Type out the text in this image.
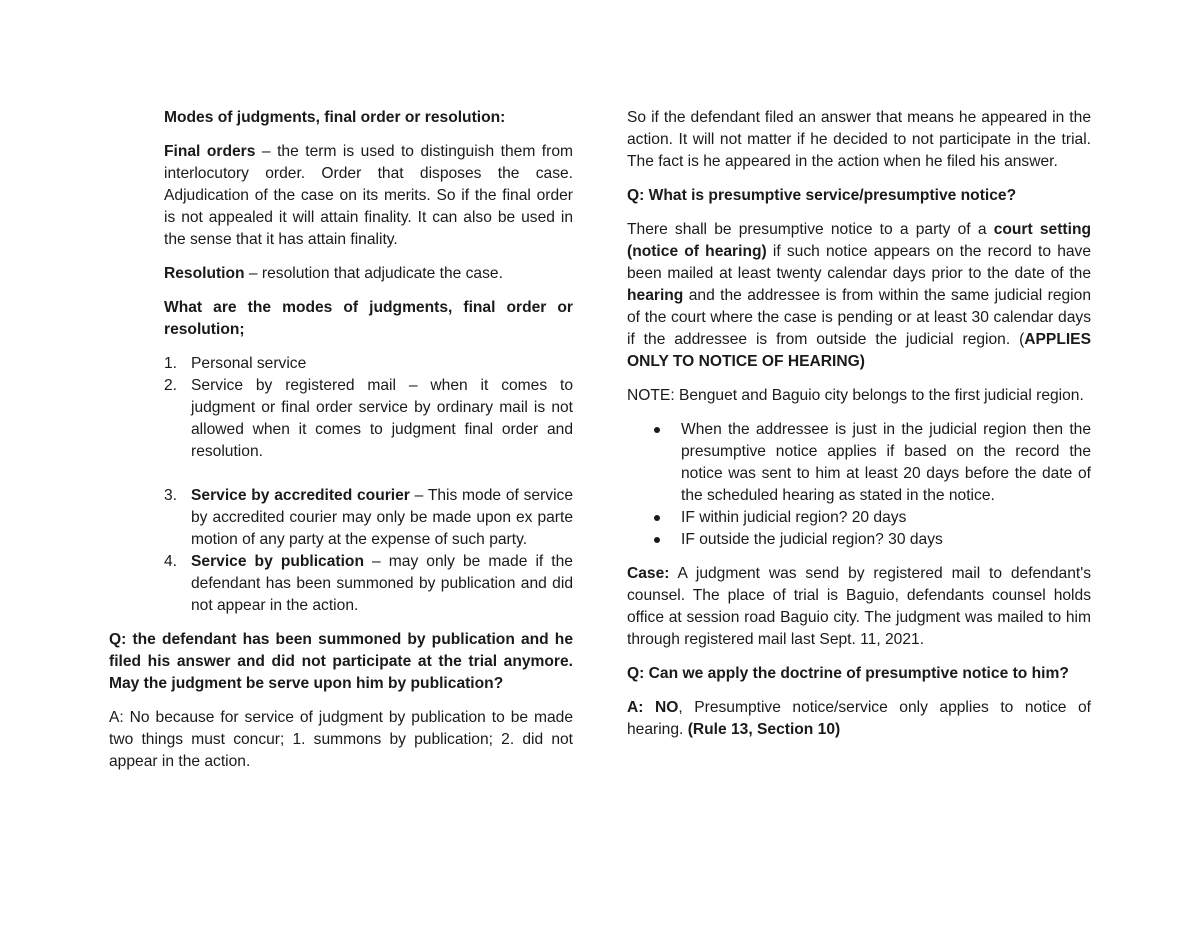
Modes of judgments, final order or resolution:

Final orders – the term is used to distinguish them from interlocutory order. Order that disposes the case. Adjudication of the case on its merits. So if the final order is not appealed it will attain finality. It can also be used in the sense that it has attain finality.

Resolution – resolution that adjudicate the case.

What are the modes of judgments, final order or resolution;

1. Personal service
2. Service by registered mail – when it comes to judgment or final order service by ordinary mail is not allowed when it comes to judgment final order and resolution.
3. Service by accredited courier – This mode of service by accredited courier may only be made upon ex parte motion of any party at the expense of such party.
4. Service by publication – may only be made if the defendant has been summoned by publication and did not appear in the action.

Q: the defendant has been summoned by publication and he filed his answer and did not participate at the trial anymore. May the judgment be serve upon him by publication?

A: No because for service of judgment by publication to be made two things must concur; 1. summons by publication; 2. did not appear in the action.

So if the defendant filed an answer that means he appeared in the action. It will not matter if he decided to not participate in the trial. The fact is he appeared in the action when he filed his answer.

Q: What is presumptive service/presumptive notice?

There shall be presumptive notice to a party of a court setting (notice of hearing) if such notice appears on the record to have been mailed at least twenty calendar days prior to the date of the hearing and the addressee is from within the same judicial region of the court where the case is pending or at least 30 calendar days if the addressee is from outside the judicial region. (APPLIES ONLY TO NOTICE OF HEARING)

NOTE: Benguet and Baguio city belongs to the first judicial region.

When the addressee is just in the judicial region then the presumptive notice applies if based on the record the notice was sent to him at least 20 days before the date of the scheduled hearing as stated in the notice.
IF within judicial region? 20 days
IF outside the judicial region? 30 days

Case: A judgment was send by registered mail to defendant's counsel. The place of trial is Baguio, defendants counsel holds office at session road Baguio city. The judgment was mailed to him through registered mail last Sept. 11, 2021.

Q: Can we apply the doctrine of presumptive notice to him?

A: NO, Presumptive notice/service only applies to notice of hearing. (Rule 13, Section 10)
